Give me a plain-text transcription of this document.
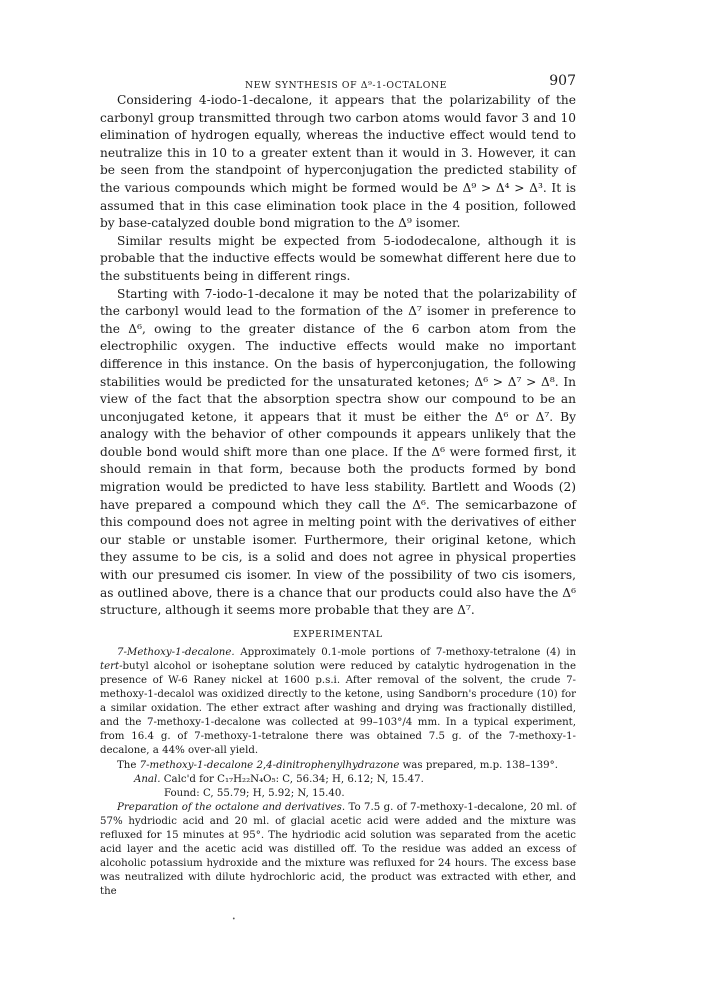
NEW SYNTHESIS OF Δ⁹-1-OCTALONE	907

Considering 4-iodo-1-decalone, it appears that the polarizability of the carbonyl group transmitted through two carbon atoms would favor 3 and 10 elimination of hydrogen equally, whereas the inductive effect would tend to neutralize this in 10 to a greater extent than it would in 3. However, it can be seen from the standpoint of hyperconjugation the predicted stability of the various compounds which might be formed would be Δ⁹ > Δ⁴ > Δ³. It is assumed that in this case elimination took place in the 4 position, followed by base-catalyzed double bond migration to the Δ⁹ isomer.

Similar results might be expected from 5-iododecalone, although it is probable that the inductive effects would be somewhat different here due to the substituents being in different rings.

Starting with 7-iodo-1-decalone it may be noted that the polarizability of the carbonyl would lead to the formation of the Δ⁷ isomer in preference to the Δ⁶, owing to the greater distance of the 6 carbon atom from the electrophilic oxygen. The inductive effects would make no important difference in this instance. On the basis of hyperconjugation, the following stabilities would be predicted for the unsaturated ketones; Δ⁶ > Δ⁷ > Δ⁸. In view of the fact that the absorption spectra show our compound to be an unconjugated ketone, it appears that it must be either the Δ⁶ or Δ⁷. By analogy with the behavior of other compounds it appears unlikely that the double bond would shift more than one place. If the Δ⁶ were formed first, it should remain in that form, because both the products formed by bond migration would be predicted to have less stability. Bartlett and Woods (2) have prepared a compound which they call the Δ⁶. The semicarbazone of this compound does not agree in melting point with the derivatives of either our stable or unstable isomer. Furthermore, their original ketone, which they assume to be cis, is a solid and does not agree in physical properties with our presumed cis isomer. In view of the possibility of two cis isomers, as outlined above, there is a chance that our products could also have the Δ⁶ structure, although it seems more probable that they are Δ⁷.

EXPERIMENTAL

7-Methoxy-1-decalone. Approximately 0.1-mole portions of 7-methoxy-tetralone (4) in tert-butyl alcohol or isoheptane solution were reduced by catalytic hydrogenation in the presence of W-6 Raney nickel at 1600 p.s.i. After removal of the solvent, the crude 7-methoxy-1-decalol was oxidized directly to the ketone, using Sandborn's procedure (10) for a similar oxidation. The ether extract after washing and drying was fractionally distilled, and the 7-methoxy-1-decalone was collected at 99–103°/4 mm. In a typical experiment, from 16.4 g. of 7-methoxy-1-tetralone there was obtained 7.5 g. of the 7-methoxy-1-decalone, a 44% over-all yield.

The 7-methoxy-1-decalone 2,4-dinitrophenylhydrazone was prepared, m.p. 138–139°.

Anal. Calc'd for C₁₇H₂₂N₄O₅: C, 56.34; H, 6.12; N, 15.47.

Found: C, 55.79; H, 5.92; N, 15.40.

Preparation of the octalone and derivatives. To 7.5 g. of 7-methoxy-1-decalone, 20 ml. of 57% hydriodic acid and 20 ml. of glacial acetic acid were added and the mixture was refluxed for 15 minutes at 95°. The hydriodic acid solution was separated from the acetic acid layer and the acetic acid was distilled off. To the residue was added an excess of alcoholic potassium hydroxide and the mixture was refluxed for 24 hours. The excess base was neutralized with dilute hydrochloric acid, the product was extracted with ether, and the

•
